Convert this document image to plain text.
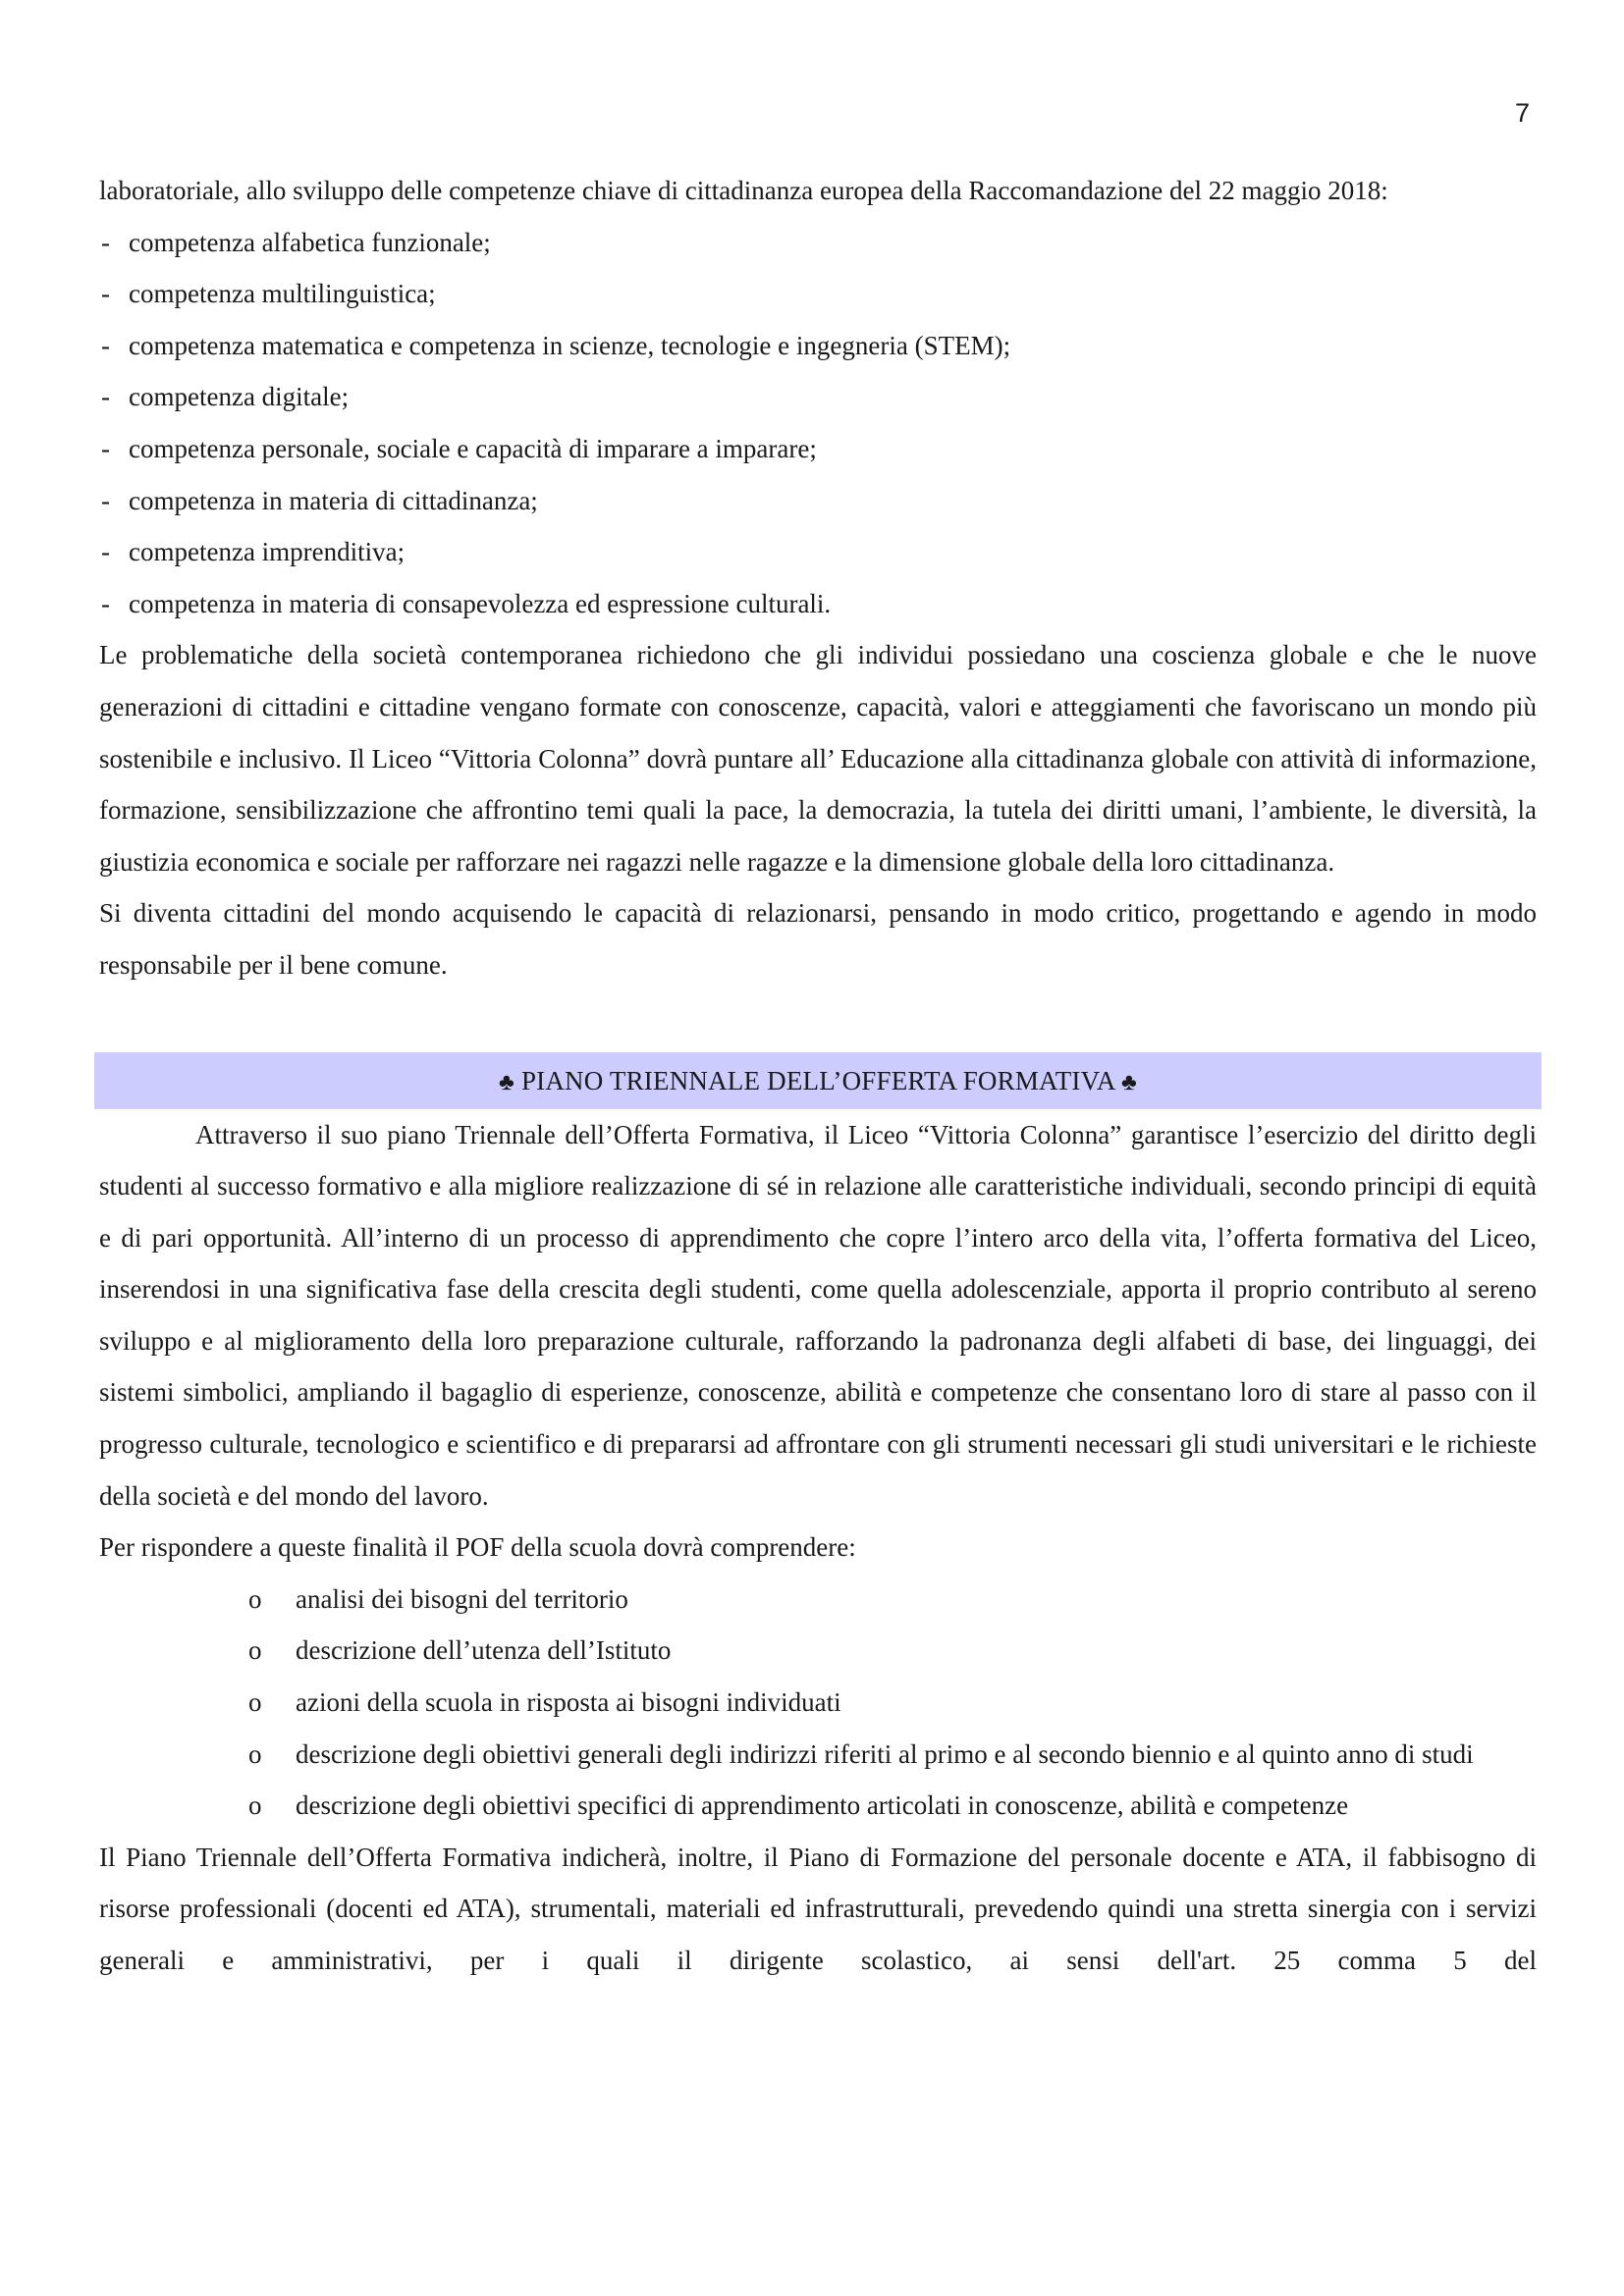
7

laboratoriale, allo sviluppo delle competenze chiave di cittadinanza europea della Raccomandazione del 22 maggio 2018:

- competenza alfabetica funzionale;
- competenza multilinguistica;
- competenza matematica e competenza in scienze, tecnologie e ingegneria (STEM);
- competenza digitale;
- competenza personale, sociale e capacità di imparare a imparare;
- competenza in materia di cittadinanza;
- competenza imprenditiva;
- competenza in materia di consapevolezza ed espressione culturali.

Le problematiche della società contemporanea richiedono che gli individui possiedano una coscienza globale e che le nuove generazioni di cittadini e cittadine vengano formate con conoscenze, capacità, valori e atteggiamenti che favoriscano un mondo più sostenibile e inclusivo. Il Liceo “Vittoria Colonna” dovrà puntare all’ Educazione alla cittadinanza globale con attività di informazione, formazione, sensibilizzazione che affrontino temi quali la pace, la democrazia, la tutela dei diritti umani, l’ambiente, le diversità, la giustizia economica e sociale per rafforzare nei ragazzi nelle ragazze e la dimensione globale della loro cittadinanza.

Si diventa cittadini del mondo acquisendo le capacità di relazionarsi, pensando in modo critico, progettando e agendo in modo responsabile per il bene comune.

♣ PIANO TRIENNALE DELL’OFFERTA FORMATIVA ♣

Attraverso il suo piano Triennale dell’Offerta Formativa, il Liceo “Vittoria Colonna” garantisce l’esercizio del diritto degli studenti al successo formativo e alla migliore realizzazione di sé in relazione alle caratteristiche individuali, secondo principi di equità e di pari opportunità. All’interno di un processo di apprendimento che copre l’intero arco della vita, l’offerta formativa del Liceo, inserendosi in una significativa fase della crescita degli studenti, come quella adolescenziale, apporta il proprio contributo al sereno sviluppo e al miglioramento della loro preparazione culturale, rafforzando la padronanza degli alfabeti di base, dei linguaggi, dei sistemi simbolici, ampliando il bagaglio di esperienze, conoscenze, abilità e competenze che consentano loro di stare al passo con il progresso culturale, tecnologico e scientifico e di prepararsi ad affrontare con gli strumenti necessari gli studi universitari e le richieste della società e del mondo del lavoro.

Per rispondere a queste finalità il POF della scuola dovrà comprendere:

o analisi dei bisogni del territorio
o descrizione dell’utenza dell’Istituto
o azioni della scuola in risposta ai bisogni individuati
o descrizione degli obiettivi generali degli indirizzi riferiti al primo e al secondo biennio e al quinto anno di studi
o descrizione degli obiettivi specifici di apprendimento articolati in conoscenze, abilità e competenze

Il Piano Triennale dell’Offerta Formativa indicherà, inoltre, il Piano di Formazione del personale docente e ATA, il fabbisogno di risorse professionali (docenti ed ATA), strumentali, materiali ed infrastrutturali, prevedendo quindi una stretta sinergia con i servizi generali e amministrativi, per i quali il dirigente scolastico, ai sensi dell'art. 25 comma 5 del
